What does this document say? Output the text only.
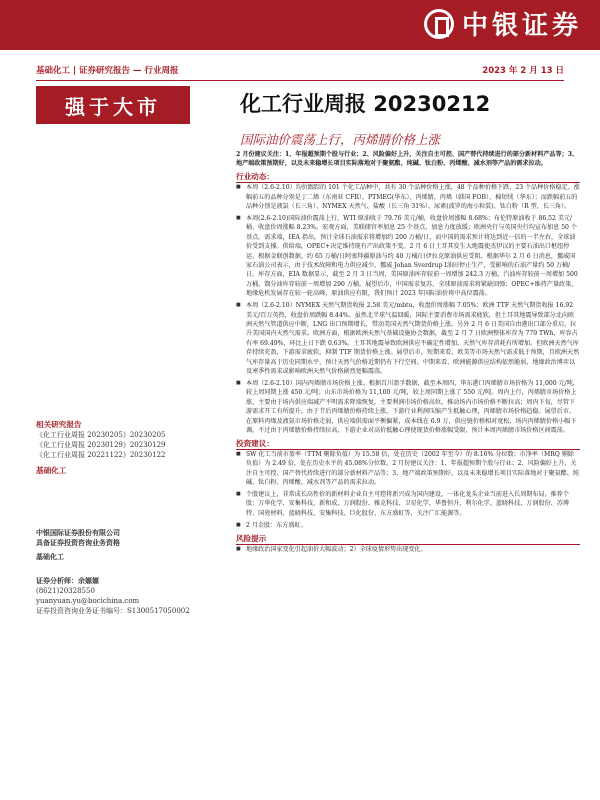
中银证券
基础化工 | 证券研究报告 — 行业周报	2023 年 2 月 13 日
强于大市	化工行业周报 20230212
国际油价震荡上行，丙烯腈价格上涨

2 月份建议关注：1、年报超预期个股与行业；2、风险偏好上升，关注自主可控、国产替代持续进行的部分新材料产品等；3、地产端政策预期好，以及未来稳增长项目实际落地对于聚氨酯、纯碱、钛白粉、丙烯酸、减水剂等产品的需求拉动。

行业动态：

■ 本周（2.6-2.10）均价跟踪的 101 个化工品种中，共有 30 个品种价格上涨，48 个品种价格下跌，23 个品种价格稳定。涨幅前五的品种分别是丁二烯（东南亚 CFR）、PTMEG(华东）、丙烯腈、丙烯（韩国 FOB）、棉短绒（华东）；而跌幅前五的品种分别是液氯（长三角）、NYMEX 天然气、盐酸（长三角 31%）、尿素(波罗的海小粒装)、钛白粉（R 型，长三角）。

■ 本周(2.6-2.10)国际油价震荡上行，WTI 原油收于 79.76 美元/桶，收盘价周涨幅 8.68%；布伦特原油收于 86.52 美元/桶，收盘价周涨幅 8.23%。宏观方面，美联储官率加息 25 个基点，加息力度放缓；欧洲央行与英国央行均宣布加息 50 个基点。需求端，IEA 指出，预计全球石油需求将增加约 200 万桶/日，而中国的需求预计将达到近一倍的一半左右，全球油价受到支撑。供给端，OPEC+决定维持现有产出政策不变。2 月 6 日土耳其发生大地震使杰伊汉的主要石油出口枢纽停运，根据金联创数据，约 65 万桶/日阿塞拜疆原油与约 40 万桶/日伊拉克原油供应受阻。根据华尔 2 月 6 日消息，挪威国家石油公司表示，由于技术故障和电力供应减少，挪威 Johan Sverdrup Ⅰ油田停止生产，受影响的石油产量约 50 万桶/日。库存方面，EIA 数据显示，截至 2 月 3 日当周，美国原油库存较前一周增加 242.3 万桶，汽油库存较前一周增加 500 万桶，馏分油库存较前一周增加 290 万桶。展望后市，中国需求复苏，全球原油需求将紧缺回弹；OPEC+维持产量政策，地缘危机发展存在较一轮高峰，原油供应有限，我们预计 2023 年国际油价将中高位震荡。

■ 本周（2.6-2.10）NYMEX 天然气期货收报 2.58 美元/mbtu，收盘价周涨幅 7.05%；欧洲 TTF 天然气期货收报 16.92 美元/百万英热，收盘价周跌幅 8.44%。虽然北半球气温回暖，国际主要消费市场需求疲软，但土耳其地震导致部分北向欧洲天然气管道供应中断，LNG 出口预期增长，带动美国天然气期货价格上涨。另外 2 月 6 日美国自由港出口部分重启，拉升美国国内天然气需求。欧洲方面，根据欧洲天然气基础设施协会数据，截至 2 月 7 日欧洲整体库存为 779 TWh，库容占有率 69.49%，环比上日下跌 0.63%。土耳其地震导致欧洲供应不确定性增加，天然气库存消耗有所增加。但欧洲天然气库存持续充盈，下游需求疲软，抑制 TTF 期货价格上涨。展望后市，短期来看，欧美等市场天然气需求低于预期，且欧洲天然气库存量高于历史同期水平，预计天然气价格近期仍有下行空间。中期来看，欧洲能源供应结构依然脆弱，地缘政治博弈以及寒季性需求或影响欧洲天然气价格剧烈宽幅震荡。

■ 本周（2.6-2.10）国内丙烯腈市场价格上涨。根据百川盈孚数据，截至本周四，华东港口丙烯腈市场价格为 11,000 元/吨，较上周同期上涨 450 元/吨；山东市场价格为 11,100 元/吨，较上周同期上涨了 550 元/吨。周内上行，丙烯腈市场价格上涨，主要由于场内供应端减产不明需求降端恢复，主要利润市场价格高位，推动场内市场价格不断拉高；周内下旬，尽管下游需求开工有所提升，由于节后丙烯腈价格持续上涨，下游行业利润压缩产生抵触心理，丙烯腈市场价格趋稳。展望后市，在原料丙烯及液氨市场价格走弱，供应端供需面平衡偏紧，成本线在 6.9 万，供应链价格相对宽松，场内丙烯腈价格小幅下调。不过由于丙烯腈价格持续拉高，下游企业对高价抵触心理使现货价格涨幅受限，预计本周丙烯腈市场价格区间震荡。

投资建议：

■ SW 化工当前市盈率（TTM 剔除负值）为 15.58 倍，处在历史（2002 年至今）的 8.16% 分位数；市净率（MRQ 剔除负值）为 2.49 倍，处在历史水平的 45.08%分位数。2 月份建议关注：1、年报超预期个股与行业；2、风险偏好上升，关注自主可控、国产替代持续进行的部分新材料产品等；3、地产端政策预期好，以及未来稳增长项目实际落地对于聚氨酯、纯碱、钛白粉、丙烯酸、减水剂等产品的需求拉动。

■ 个股建议上，非常成长高性价的新材料企业自主可控将新兴成为国内建设，一体化龙头企业当前进入长周期布局。推荐个股：万华化学、安集科技、新和成、万润股份、雅克科技、卫星化学、华鲁恒升、利尔化学、蓝晓科技、万润股份、苏博特、国瓷材料、蓝晓科技、安集科技、巨化股份、东方盛虹等，关注广汇能源等。

■ 2 月金股：东方盛虹。

风险提示

■ 地缘政治国家变化引起油价大幅波动；2）全球疫情形势出现变化。

相关研究报告
《化工行业周报 20230205》20230205
《化工行业周报 20230129》20230129
《化工行业周报 20221122》20230122
基础化工
中银国际证券股份有限公司
具备证券投资咨询业务资格
基础化工
证券分析师：余嫄嫄
(8621)20328550
yuanyuan.yu@bocichina.com
证券投资咨询业务证书编号：S1300517050002
